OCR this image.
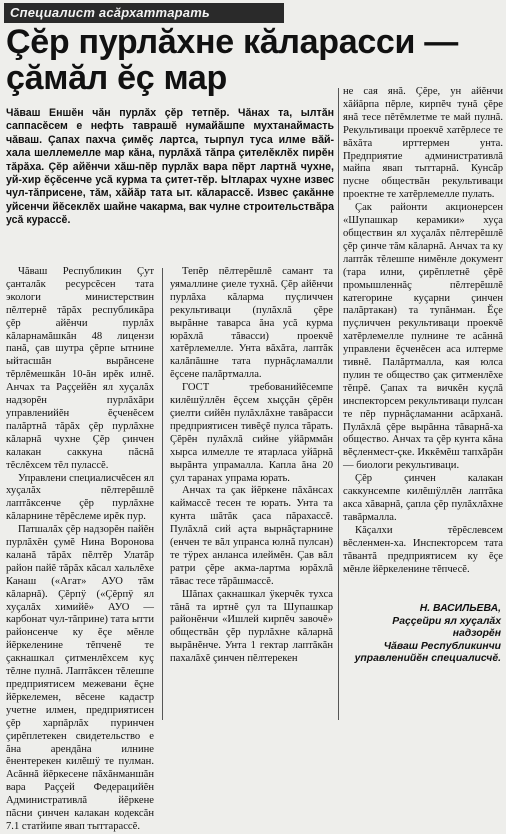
Специалист асăрхаттарать
Çĕр пурлăхне кăларасси — çăмăл ĕç мар

Чăваш Еншĕн чăн пурлăх çĕр тетпĕр. Чăнах та, ылтăн саппасĕсем е нефть таврашĕ нумайăшпе мухтанаймасть чăваш. Çапах пахча çимĕç лартса, тырпул туса илме вăй-хала шеллемелле мар кăна, пурлăхă тăпра çителĕклĕх пирĕн тăрăха. Çĕр айĕнчи хăш-пĕр пурлăх вара пĕрт лартнă чухне, уй-хир ĕçĕсенче усă курма та çитет-тĕр. Ытларах чухне извес чул-тăприсене, тăм, хăйăр тата ыт. кăларассĕ. Извес çакăнне уйсенчи йĕсеклĕх шайне чакарма, вак чулне строительствăра усă курассĕ.

Чăваш Республикин Çут çанталăк ресурсĕсен тата экологи министерствин пĕлтернĕ тăрăх республикăра çĕр айĕнчи пурлăх кăларнамăшкăн 48 лицензи панă, çав шутра çĕрпе ытнине ыйтасшăн вырăнсене тĕрлĕмешкăн 10-ăн ирĕк илнĕ. Анчах та Раççейĕн ял хуçалăх надзорĕн пурлăхăри управленийĕн ĕçченĕсем палăртнă тăрăх çĕр пурлăхне кăларнă чухне Çĕр çинчен калакан саккуна пăснă тĕслĕхсем тĕл пулассĕ.

Управлени специалисчĕсен ял хуçалăх пĕлтерĕшлĕ лаптăксенче çĕр пурлăхне кăларнине тĕрĕслеме ирĕк пур.

Патшалăх çĕр надзорĕн пайĕн пурлăхĕн çумĕ Нина Воронова каланă тăрăх пĕлтĕр Улатăр район пайĕ тăрăх кăсал хальлĕхе Канаш («Агат» АУО тăм кăларнă). Çĕрпÿ («Çĕрпÿ ял хуçалăх химийĕ» АУО — карбонат чул-тăприне) тата ытти районсенче ку ĕçе мĕнле йĕркеленине тĕпченĕ те çакнашкал çитменлĕхсем куç тĕлне пулнă. Лаптăксен тĕлешпе предприятисем межевани ĕçне йĕркелемен, вĕсене кадастр учетне илмен, предприятисен çĕр харпăрлăх пуринчен çирĕплетекен свидетельство е ăна арендăна илнине ĕнентерекен килĕшÿ те пулман. Асăннă йĕркесене пăхăнманшăн вара Раççей Федерацийĕн Административлă йĕркене пăсни çинчен калакан кодексăн 7.1 статйипе явап тыттарассĕ.

Тепĕр пĕлтерĕшлĕ самант та уямаллине çиеле тухнă. Çĕр айĕнчи пурлăха кăларма пуçличчен рекультиваци (пулăхлă çĕре вырăнне таварса ăна усă курма юрăхлă тăвасси) проекчĕ хатĕрлемелле. Унта вăхăта, лаптăк калăпăшне тата пурнăçламалли ĕçсене палăртмалла.

ГОСТ требованийĕсемпе килĕшÿллĕн ĕçсем хыççăн çĕрĕн çиелти сийĕн пулăхлăхне тавăрасси предприятисен тивĕçĕ пулса тăрать. Çĕрĕн пулăхлă сийне уйăрммăн хырса илмелле те ятарласа уйăрнă вырăнта упрамалла. Капла ăна 20 çул таранах упрама юрать.

Анчах та çак йĕркене пăхăнсах каймассĕ тесен те юрать. Унта та кунта шăтăк çаса пăрахассĕ. Пулăхлă сий аçта вырнăçтарнине (енчен те вăл упранса юлнă пулсан) те тÿрех анланса илеймĕн. Çав вăл ратри çĕре акма-лартма юрăхлă тăвас тесе тăрăшмассĕ.

Шăпах çакнашкал ÿкерчĕк тухса тăнă та иртнĕ çул та Шупашкар районĕнчи «Ишлей кирпĕч завочĕ» обществăн çĕр пурлăхне кăларнă вырăнĕнче. Унта 1 гектар лаптăкăн пахалăхĕ çинчен пĕлтерекен

не сая янă. Çĕре, ун айĕнчи хăйăрпа пĕрле, кирпĕч тунă çĕре янă тесе пĕтĕмлетме те май пулнă. Рекультиваци проекчĕ хатĕрлесе те вăхăта ирттермен унта. Предприятие административлă майпа явап тыттарнă. Кунсăр пусне обществăн рекультиваци проектне те хатĕрлемелле пулать.

Çак районти акционерсен «Шупашкар керамики» хуçа обществин ял хуçалăх пĕлтерĕшлĕ çĕр çинче тăм кăларнă. Анчах та ку лаптăк тĕлешпе нимĕнле документ (тара илни, çирĕплетнĕ çĕрĕ промышленнăç пĕлтерĕшлĕ категорине куçарни çинчен палăртакан) та тупăнман. Ĕçе пуçличчен рекультиваци проекчĕ хатĕрлемелле пулнине те асăннă управлени ĕçченĕсен аса илтерме тивнĕ. Палăртмалла, кая юлса пулин те общество çак çитменлĕхе тĕпрĕ. Çапах та вичкĕн куçлă инспекторсем рекультиваци пулсан те пĕр пурнăçламанни асăрханă. Пулăхлă çĕре вырăнна тăварнă-ха общество. Анчах та çĕр кунта кăна вĕçленмест-çке. Иккĕмĕш тапхăрăн — биологи рекультиваци.

Çĕр çинчен калакан саккунсемпе килĕшÿллĕн лаптăка акса хăварнă, çапла çĕр пулăхлăхне тавăрмалла.

Кăçалхи тĕрĕслевсем вĕсленмен-ха. Инспекторсем тата тăвантă предприятисем ку ĕçе мĕнле йĕркеленине тĕпчесĕ.

Н. ВАСИЛЬЕВА,
Раççейри ял хуçалăх надзорĕн
Чăваш Республикинчи управленийĕн специалисчĕ.
